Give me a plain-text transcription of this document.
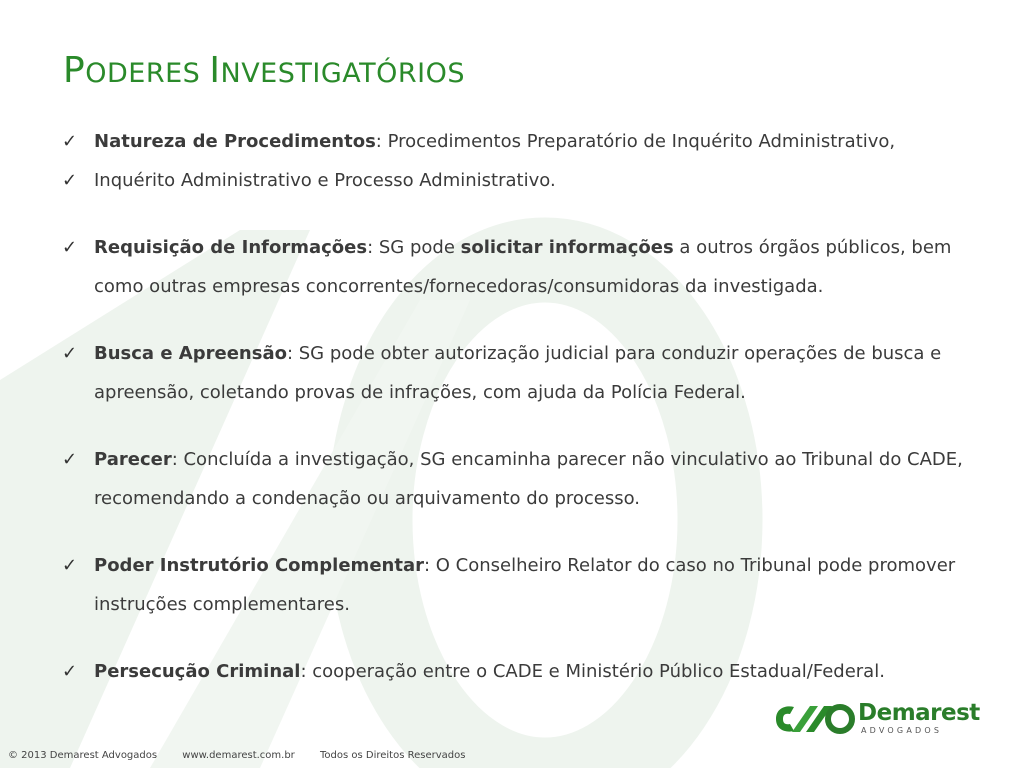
PODERES INVESTIGATÓRIOS
✓ Natureza de Procedimentos: Procedimentos Preparatório de Inquérito Administrativo,
✓ Inquérito Administrativo e Processo Administrativo.
✓ Requisição de Informações: SG pode solicitar informações a outros órgãos públicos, bem como outras empresas concorrentes/fornecedoras/consumidoras da investigada.
✓ Busca e Apreensão: SG pode obter autorização judicial para conduzir operações de busca e apreensão, coletando provas de infrações, com ajuda da Polícia Federal.
✓ Parecer: Concluída a investigação, SG encaminha parecer não vinculativo ao Tribunal do CADE, recomendando a condenação ou arquivamento do processo.
✓ Poder Instrutório Complementar: O Conselheiro Relator do caso no Tribunal pode promover instruções complementares.
✓ Persecução Criminal: cooperação entre o CADE e Ministério Público Estadual/Federal.
Demarest
ADVOGADOS
© 2013 Demarest Advogados	www.demarest.com.br	Todos os Direitos Reservados
